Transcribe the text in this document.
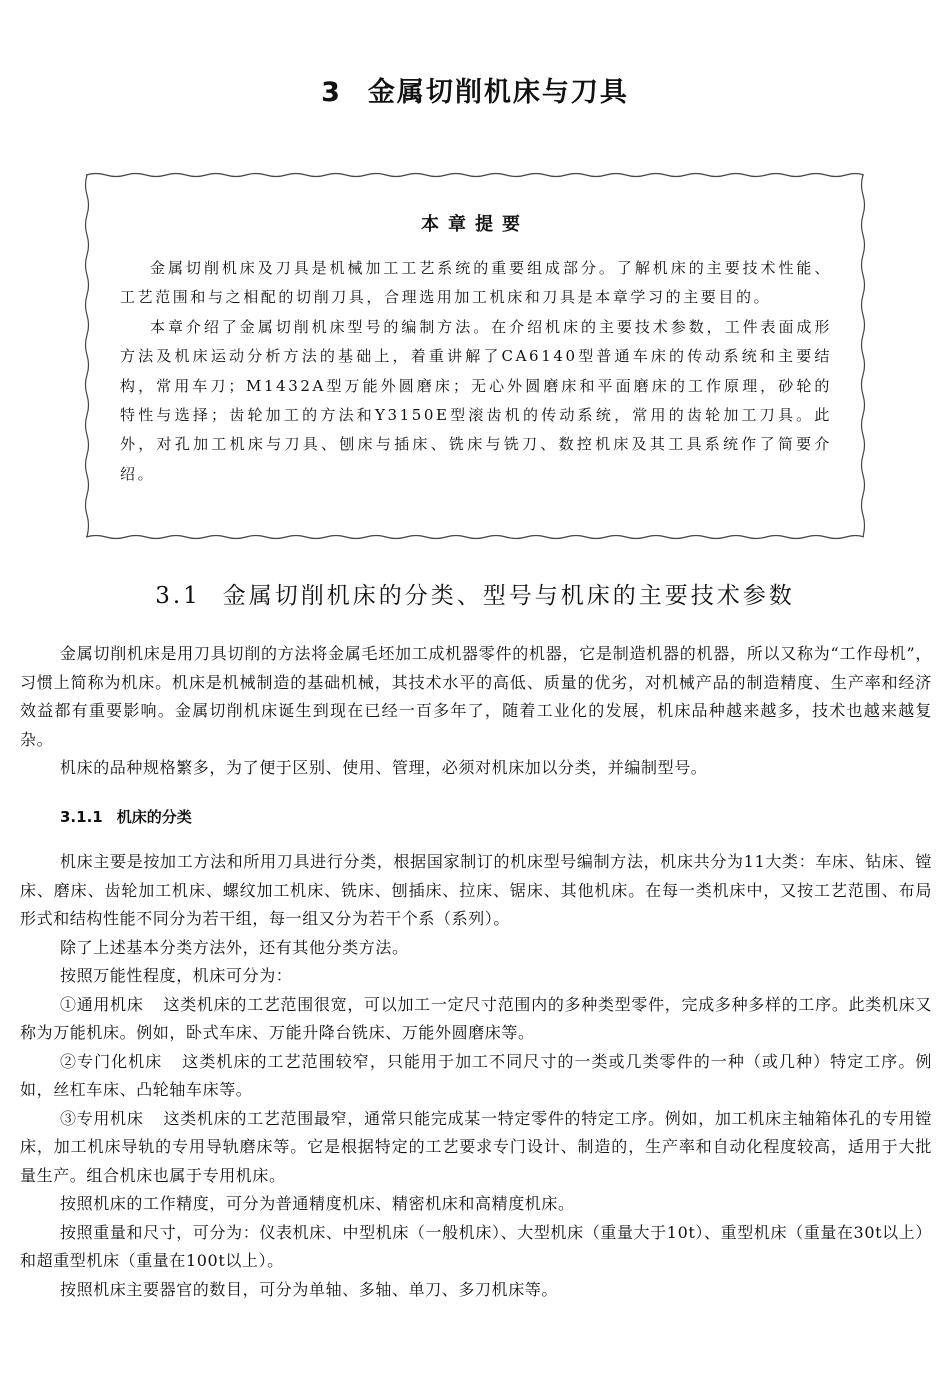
3 金属切削机床与刀具
本章提要

金属切削机床及刀具是机械加工工艺系统的重要组成部分。了解机床的主要技术性能、工艺范围和与之相配的切削刀具，合理选用加工机床和刀具是本章学习的主要目的。

本章介绍了金属切削机床型号的编制方法。在介绍机床的主要技术参数，工件表面成形方法及机床运动分析方法的基础上，着重讲解了CA6140型普通车床的传动系统和主要结构，常用车刀；M1432A型万能外圆磨床；无心外圆磨床和平面磨床的工作原理，砂轮的特性与选择；齿轮加工的方法和Y3150E型滚齿机的传动系统，常用的齿轮加工刀具。此外，对孔加工机床与刀具、刨床与插床、铣床与铣刀、数控机床及其工具系统作了简要介绍。

3.1 金属切削机床的分类、型号与机床的主要技术参数

金属切削机床是用刀具切削的方法将金属毛坯加工成机器零件的机器，它是制造机器的机器，所以又称为“工作母机”，习惯上简称为机床。机床是机械制造的基础机械，其技术水平的高低、质量的优劣，对机械产品的制造精度、生产率和经济效益都有重要影响。金属切削机床诞生到现在已经一百多年了，随着工业化的发展，机床品种越来越多，技术也越来越复杂。

机床的品种规格繁多，为了便于区别、使用、管理，必须对机床加以分类，并编制型号。

3.1.1 机床的分类

机床主要是按加工方法和所用刀具进行分类，根据国家制订的机床型号编制方法，机床共分为11大类：车床、钻床、镗床、磨床、齿轮加工机床、螺纹加工机床、铣床、刨插床、拉床、锯床、其他机床。在每一类机床中，又按工艺范围、布局形式和结构性能不同分为若干组，每一组又分为若干个系（系列）。

除了上述基本分类方法外，还有其他分类方法。

按照万能性程度，机床可分为：

①通用机床 这类机床的工艺范围很宽，可以加工一定尺寸范围内的多种类型零件，完成多种多样的工序。此类机床又称为万能机床。例如，卧式车床、万能升降台铣床、万能外圆磨床等。

②专门化机床 这类机床的工艺范围较窄，只能用于加工不同尺寸的一类或几类零件的一种（或几种）特定工序。例如，丝杠车床、凸轮轴车床等。

③专用机床 这类机床的工艺范围最窄，通常只能完成某一特定零件的特定工序。例如，加工机床主轴箱体孔的专用镗床，加工机床导轨的专用导轨磨床等。它是根据特定的工艺要求专门设计、制造的，生产率和自动化程度较高，适用于大批量生产。组合机床也属于专用机床。

按照机床的工作精度，可分为普通精度机床、精密机床和高精度机床。

按照重量和尺寸，可分为：仪表机床、中型机床（一般机床）、大型机床（重量大于10t）、重型机床（重量在30t以上）和超重型机床（重量在100t以上）。

按照机床主要器官的数目，可分为单轴、多轴、单刀、多刀机床等。
